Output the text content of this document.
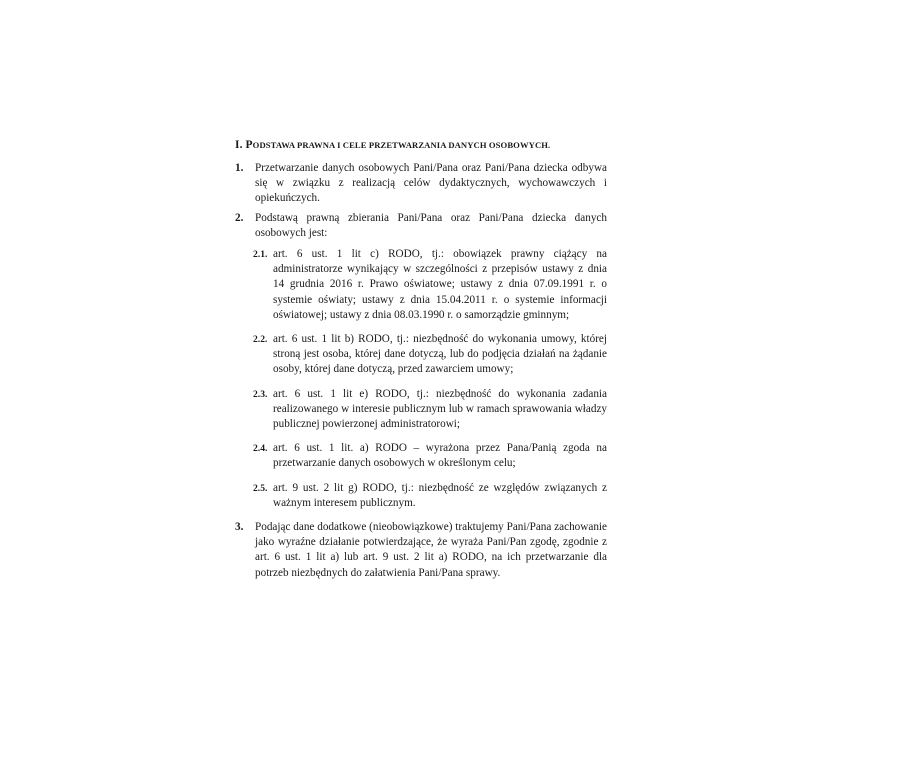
I. PODSTAWA PRAWNA I CELE PRZETWARZANIA DANYCH OSOBOWYCH.
1.	Przetwarzanie danych osobowych Pani/Pana oraz Pani/Pana dziecka odbywa się w związku z realizacją celów dydaktycznych, wychowawczych i opiekuńczych.
2.	Podstawą prawną zbierania Pani/Pana oraz Pani/Pana dziecka danych osobowych jest:
2.1. art. 6 ust. 1 lit c) RODO, tj.: obowiązek prawny ciążący na administratorze wynikający w szczególności z przepisów ustawy z dnia 14 grudnia 2016 r. Prawo oświatowe; ustawy z dnia 07.09.1991 r. o systemie oświaty; ustawy z dnia 15.04.2011 r. o systemie informacji oświatowej; ustawy z dnia 08.03.1990 r. o samorządzie gminnym;
2.2. art. 6 ust. 1 lit b) RODO, tj.: niezbędność do wykonania umowy, której stroną jest osoba, której dane dotyczą, lub do podjęcia działań na żądanie osoby, której dane dotyczą, przed zawarciem umowy;
2.3. art. 6 ust. 1 lit e) RODO, tj.: niezbędność do wykonania zadania realizowanego w interesie publicznym lub w ramach sprawowania władzy publicznej powierzonej administratorowi;
2.4. art. 6 ust. 1 lit. a) RODO – wyrażona przez Pana/Panią zgoda na przetwarzanie danych osobowych w określonym celu;
2.5. art. 9 ust. 2 lit g) RODO, tj.: niezbędność ze względów związanych z ważnym interesem publicznym.
3.	Podając dane dodatkowe (nieobowiązkowe) traktujemy Pani/Pana zachowanie jako wyraźne działanie potwierdzające, że wyraża Pani/Pan zgodę, zgodnie z art. 6 ust. 1 lit a) lub art. 9 ust. 2 lit a) RODO, na ich przetwarzanie dla potrzeb niezbędnych do załatwienia Pani/Pana sprawy.
